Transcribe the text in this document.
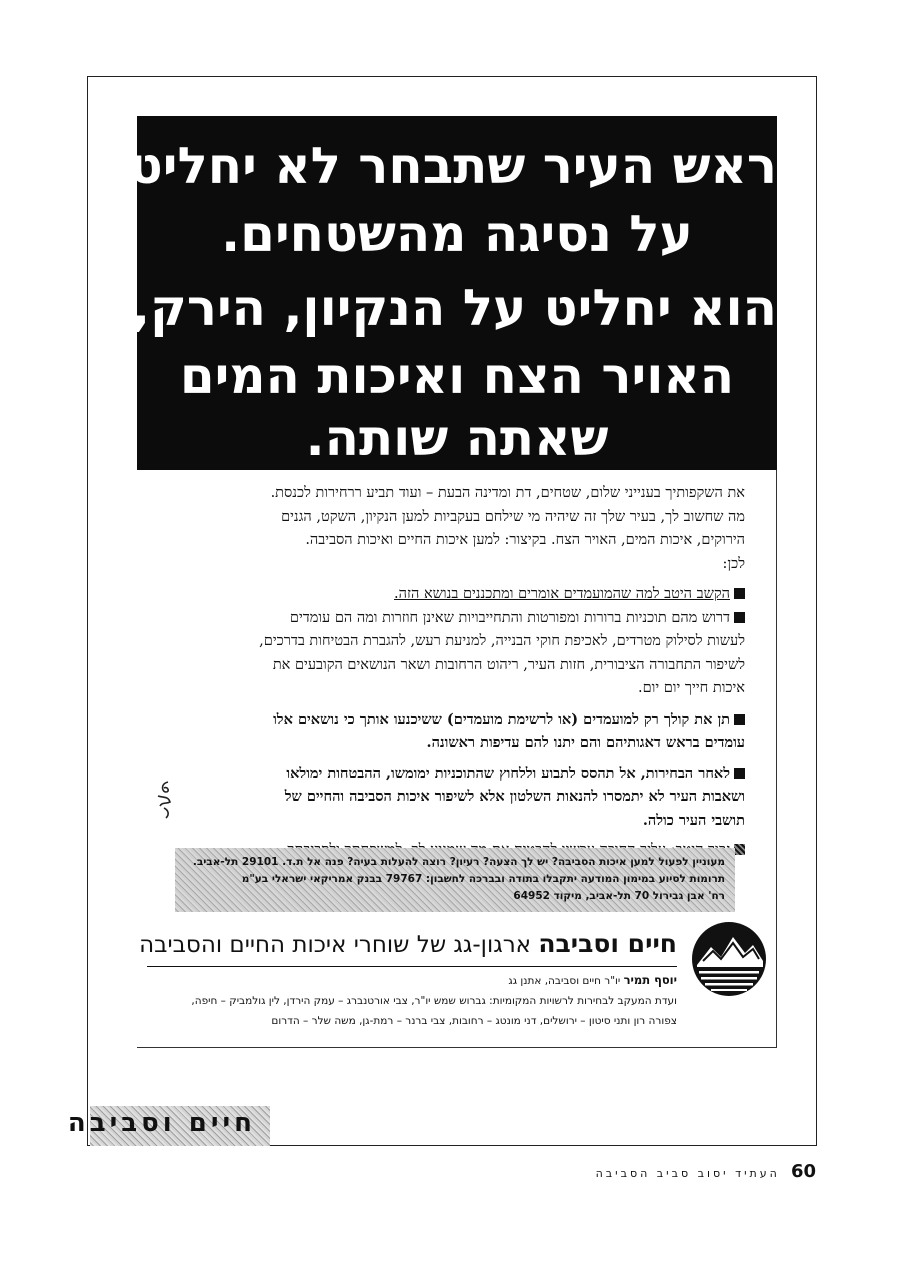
ראש העיר שתבחר לא יחליט
על נסיגה מהשטחים.
הוא יחליט על הנקיון, הירק,
האויר הצח ואיכות המים
שאתה שותה.

את השקפותיך בענייני שלום, שטחים, דת ומדינה הבעת – ועוד תביע ררחירות לכנסת.

מה שחשוב לך, בעיר שלך זה שיהיה מי שילחם בעקביות למען הנקיון, השקט, הגנים

הירוקים, איכות המים, האויר הצח. בקיצור: למען איכות החיים ואיכות הסביבה.

לכן:

הקשב היטב למה שהמועמדים אומרים ומתכננים בנושא הזה.

דרוש מהם תוכניות ברורות ומפורטות והתחייבויות שאינן חוזרות ומה הם עומדים

לעשות לסילוק מטרדים, לאכיפת חוקי הבנייה, למניעת רעש, להגברת הבטיחות בדרכים,

לשיפור התחבורה הציבורית, חזות העיר, ריהוט הרחובות ושאר הנושאים הקובעים את

איכות חייך יום יום.

תן את קולך רק למועמדים (או לרשימת מועמדים) ששיכנעו אותך כי נושאים אלו

עומדים בראש דאגותיהם והם יתנו להם עדיפות ראשונה.

לאחר הבחירות, אל תהסס לתבוע וללחוץ שהתוכניות ימומשו, ההבטחות ימולאו

ושאבות העיר לא יתמסרו להנאות השלטון אלא לשיפור איכות הסביבה והחיים של

תושבי העיר כולה.

מעוניין לפעול למען איכות הסביבה? יש לך הצעה? רעיון? רוצה להעלות בעיה? פנה אל ת.ד. 29101 תל-אביב.
תרומות לסיוע במימון המודעה יתקבלו בתודה ובברכה לחשבון: 79767 בבנק אמריקאי ישראלי בע"מ
רח' אבן גבירול 70 תל-אביב, מיקוד 64952
חיים וסביבה ארגון-גג של שוחרי איכות החיים והסביבה
יוסף תמיר יו"ר חיים וסביבה, אתנן גג
ועדת המעקב לבחירות לרשויות המקומיות: גברוש שמש יו"ר, צבי אורטנברג – עמק הירדן, לין גולמביק – חיפה,
צפורה רון ותני סיטון – ירושלים, דני מונטג – רחובות, צבי ברנר – רמת-גן, משה שלר – הדרום
חיים וסביבה
60 העתיד יסוב סביב הסביבה
